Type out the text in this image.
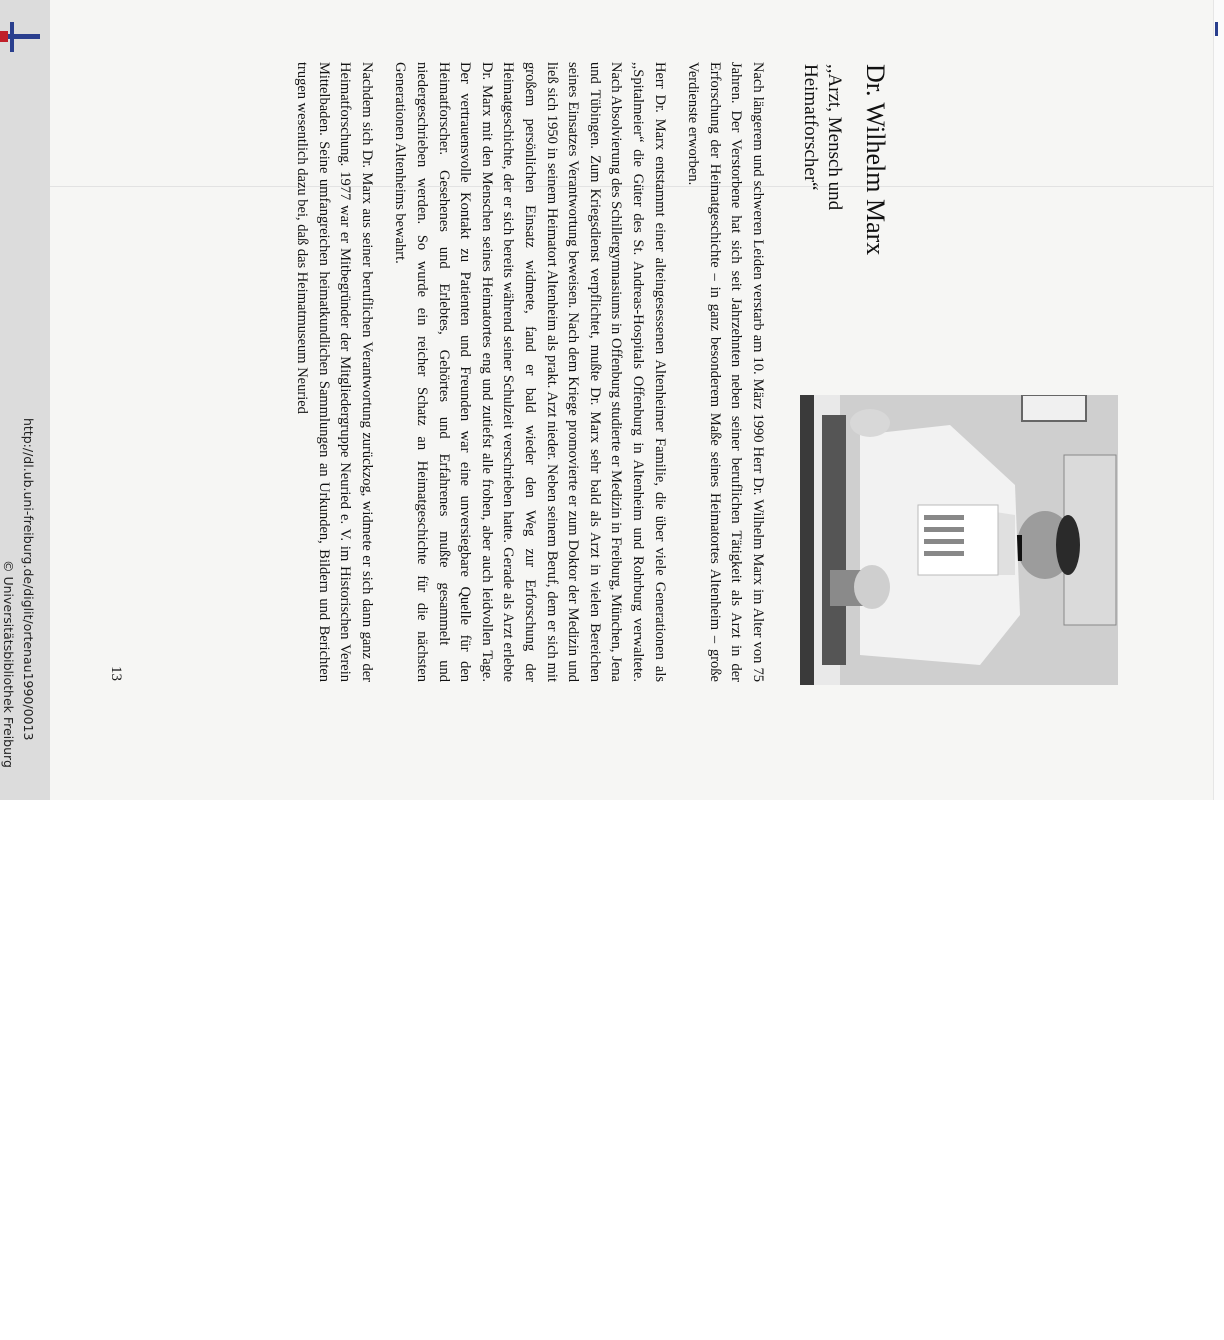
http://dl.ub.uni-freiburg.de/diglit/ortenau1990/0013
© Universitätsbibliothek Freiburg
Dr. Wilhelm Marx
,,Arzt, Mensch und Heimatforscher“

Nach längerem und schweren Leiden verstarb am 10. März 1990 Herr Dr. Wilhelm Marx im Alter von 75 Jahren. Der Verstorbene hat sich seit Jahrzehnten neben seiner beruflichen Tätigkeit als Arzt in der Erforschung der Heimatgeschichte – in ganz besonderem Maße seines Heimatortes Altenheim – große Verdienste erworben.

Herr Dr. Marx entstammt einer alteingesessenen Altenheimer Familie, die über viele Generationen als ,,Spitalmeier“ die Güter des St. Andreas-Hospitals Offenburg in Altenheim und Rohrburg verwaltete. Nach Absolvierung des Schillergymnasiums in Offenburg studierte er Medizin in Freiburg, München, Jena und Tübingen. Zum Kriegsdienst verpflichtet, mußte Dr. Marx sehr bald als Arzt in vielen Bereichen seines Einsatzes Verantwortung beweisen. Nach dem Kriege promovierte er zum Doktor der Medizin und ließ sich 1950 in seinem Heimatort Altenheim als prakt. Arzt nieder. Neben seinem Beruf, dem er sich mit großem persönlichen Einsatz widmete, fand er bald wieder den Weg zur Erforschung der Heimatgeschichte, der er sich bereits während seiner Schulzeit verschrieben hatte. Gerade als Arzt erlebte Dr. Marx mit den Menschen seines Heimatortes eng und zutiefst alle frohen, aber auch leidvollen Tage. Der vertrauensvolle Kontakt zu Patienten und Freunden war eine unversiegbare Quelle für den Heimatforscher. Gesehenes und Erlebtes, Gehörtes und Erfahrenes mußte gesammelt und niedergeschrieben werden. So wurde ein reicher Schatz an Heimatgeschichte für die nächsten Generationen Altenheims bewahrt.

Nachdem sich Dr. Marx aus seiner beruflichen Verantwortung zurückzog, widmete er sich dann ganz der Heimatforschung. 1977 war er Mitbegründer der Mitgliedergruppe Neuried e. V. im Historischen Verein Mittelbaden. Seine umfangreichen heimatkundlichen Sammlungen an Urkunden, Bildern und Berichten trugen wesentlich dazu bei, daß das Heimatmuseum Neuried

13
